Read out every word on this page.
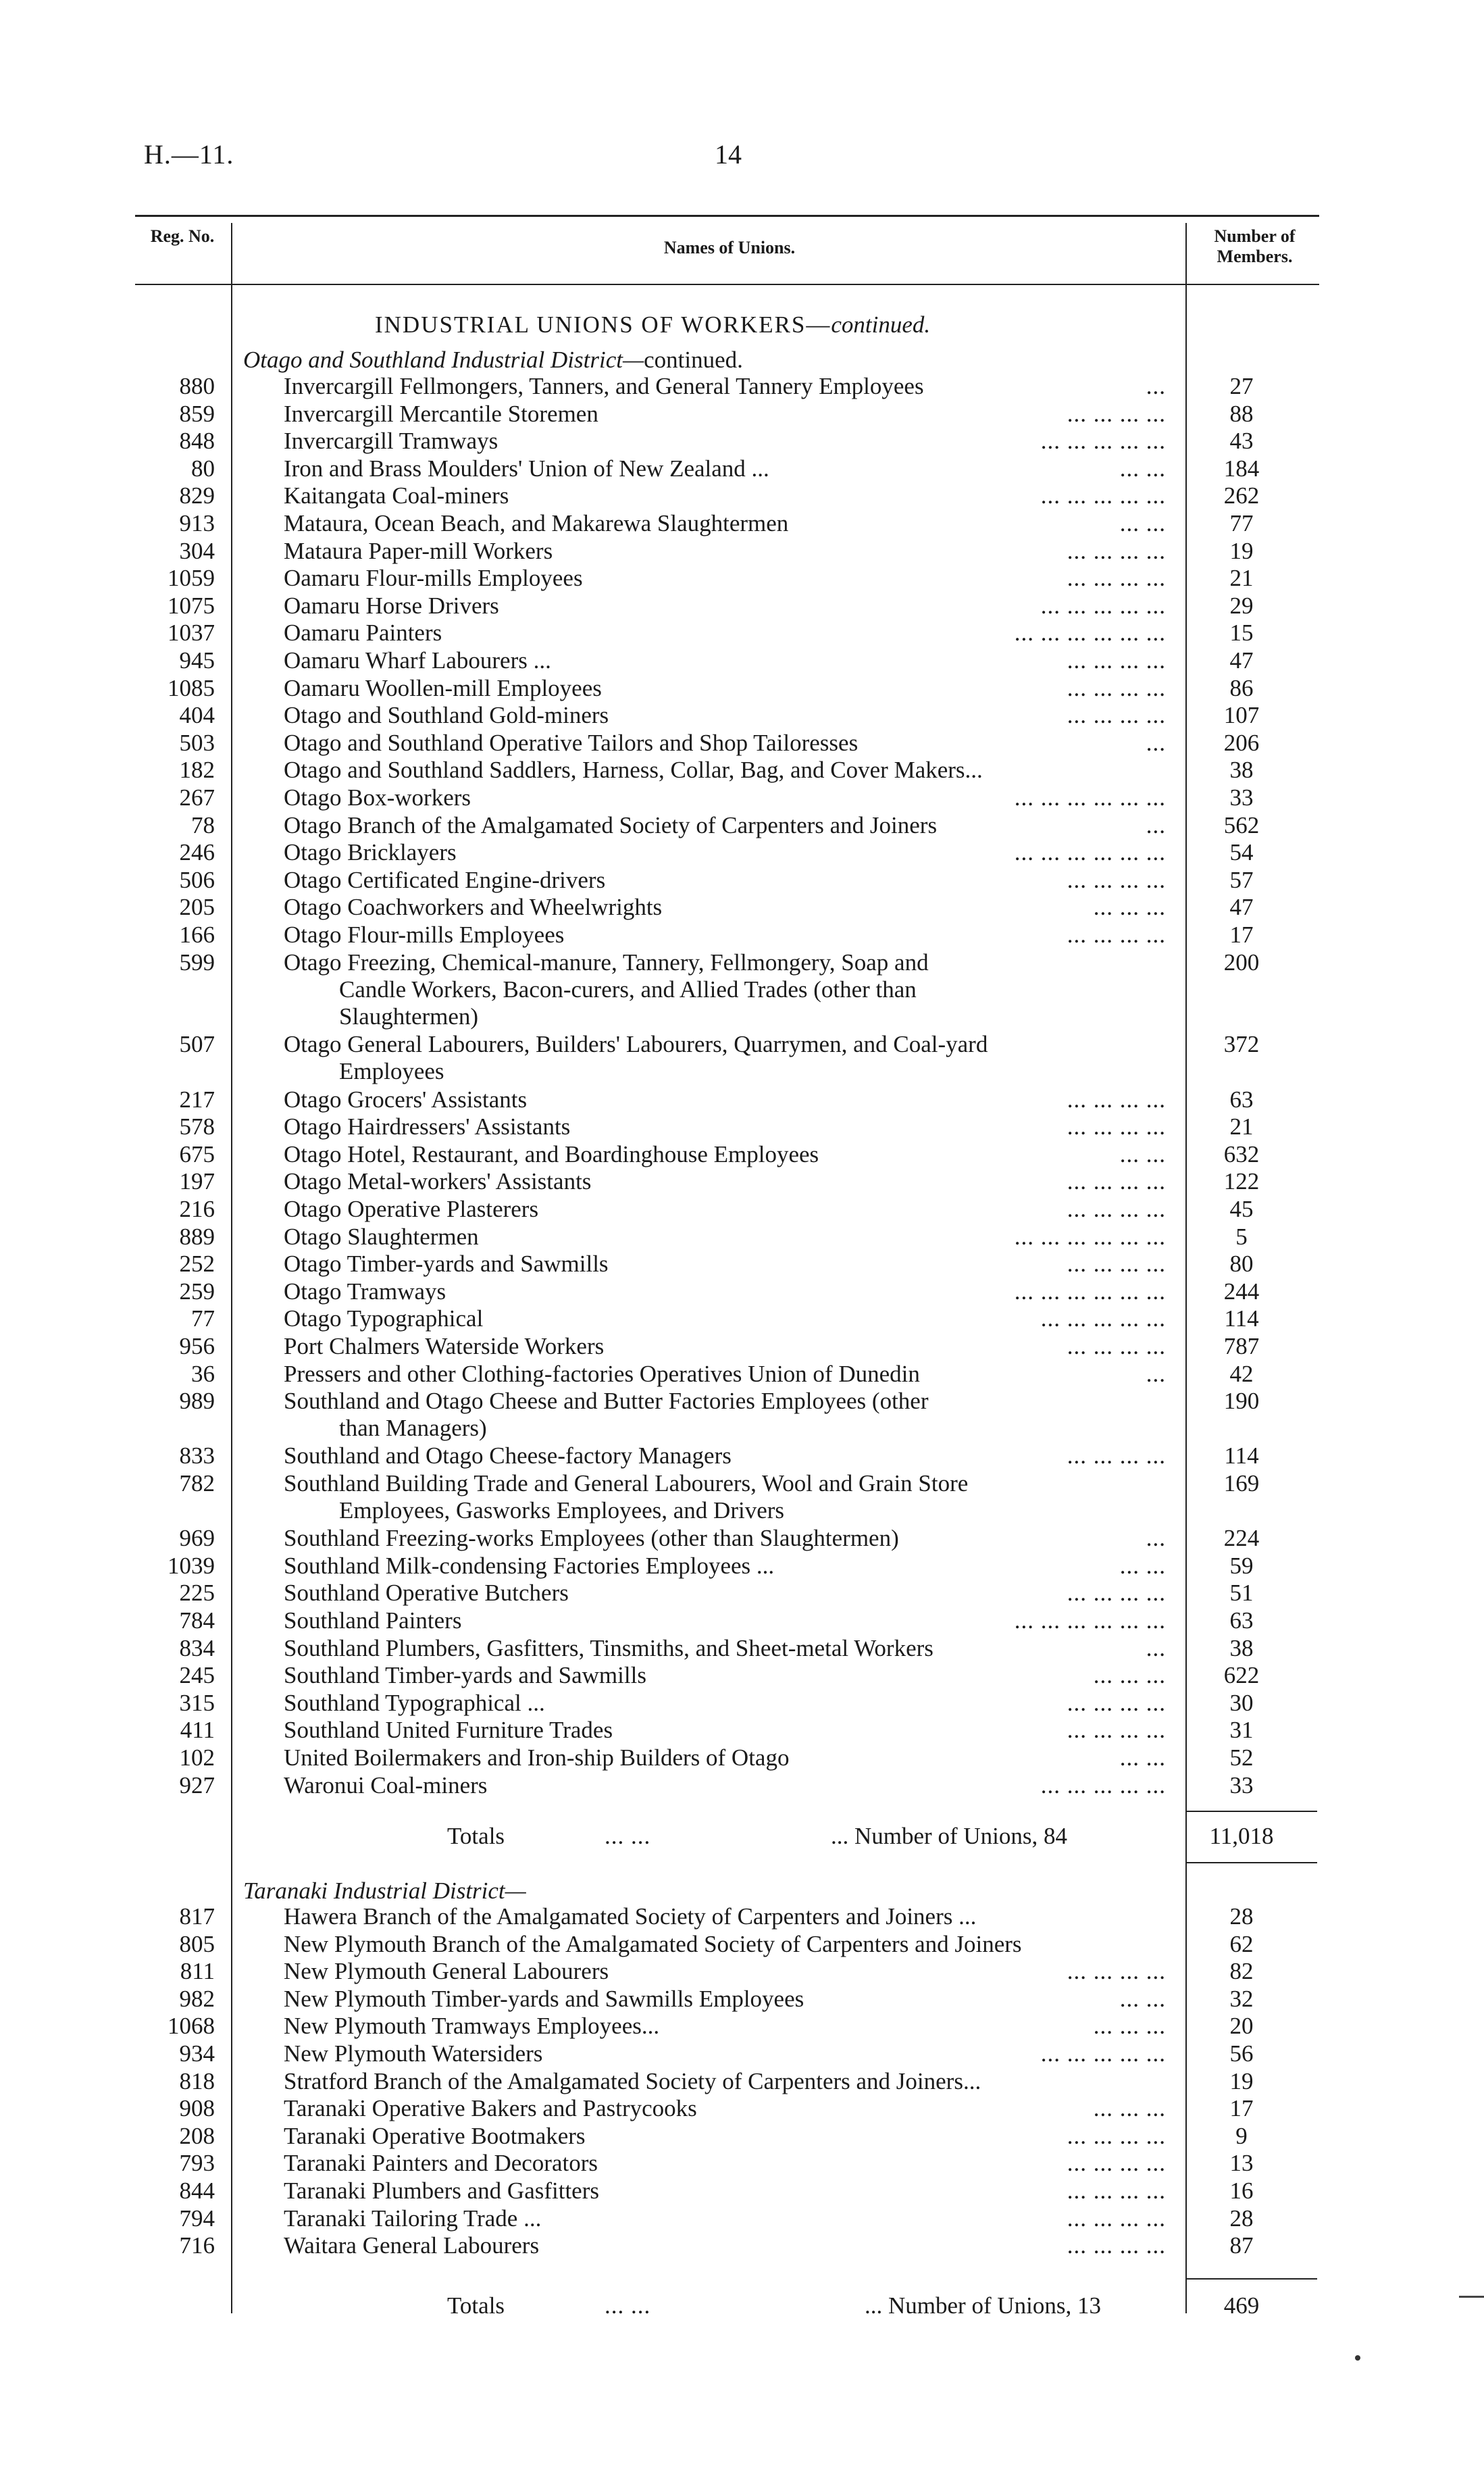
H.—11.	14
Reg. No.
Names of Unions.
Number of Members.
INDUSTRIAL UNIONS OF WORKERS—continued.
Otago and Southland Industrial District—continued.
880	Invercargill Fellmongers, Tanners, and General Tannery Employees	...	27
859	Invercargill Mercantile Storemen	... ... ... ...	88
848	Invercargill Tramways	... ... ... ... ...	43
80	Iron and Brass Moulders' Union of New Zealand ...	... ...	184
829	Kaitangata Coal-miners	... ... ... ... ...	262
913	Mataura, Ocean Beach, and Makarewa Slaughtermen	... ...	77
304	Mataura Paper-mill Workers	... ... ... ...	19
1059	Oamaru Flour-mills Employees	... ... ... ...	21
1075	Oamaru Horse Drivers	... ... ... ... ...	29
1037	Oamaru Painters	... ... ... ... ... ...	15
945	Oamaru Wharf Labourers ...	... ... ... ...	47
1085	Oamaru Woollen-mill Employees	... ... ... ...	86
404	Otago and Southland Gold-miners	... ... ... ...	107
503	Otago and Southland Operative Tailors and Shop Tailoresses	...	206
182	Otago and Southland Saddlers, Harness, Collar, Bag, and Cover Makers...	38
267	Otago Box-workers	... ... ... ... ... ...	33
78	Otago Branch of the Amalgamated Society of Carpenters and Joiners	...	562
246	Otago Bricklayers	... ... ... ... ... ...	54
506	Otago Certificated Engine-drivers	... ... ... ...	57
205	Otago Coachworkers and Wheelwrights	... ... ...	47
166	Otago Flour-mills Employees	... ... ... ...	17
599	Otago Freezing, Chemical-manure, Tannery, Fellmongery, Soap and
Candle Workers, Bacon-curers, and Allied Trades (other than
Slaughtermen)
200
507	Otago General Labourers, Builders' Labourers, Quarrymen, and Coal-yard
Employees
372
217	Otago Grocers' Assistants	... ... ... ...	63
578	Otago Hairdressers' Assistants	... ... ... ...	21
675	Otago Hotel, Restaurant, and Boardinghouse Employees	... ...	632
197	Otago Metal-workers' Assistants	... ... ... ...	122
216	Otago Operative Plasterers	... ... ... ...	45
889	Otago Slaughtermen	... ... ... ... ... ...	5
252	Otago Timber-yards and Sawmills	... ... ... ...	80
259	Otago Tramways	... ... ... ... ... ...	244
77	Otago Typographical	... ... ... ... ...	114
956	Port Chalmers Waterside Workers	... ... ... ...	787
36	Pressers and other Clothing-factories Operatives Union of Dunedin	...	42
989	Southland and Otago Cheese and Butter Factories Employees (other
than Managers)
190
833	Southland and Otago Cheese-factory Managers	... ... ... ...	114
782	Southland Building Trade and General Labourers, Wool and Grain Store
Employees, Gasworks Employees, and Drivers
169
969	Southland Freezing-works Employees (other than Slaughtermen)	...	224
1039	Southland Milk-condensing Factories Employees ...	... ...	59
225	Southland Operative Butchers	... ... ... ...	51
784	Southland Painters	... ... ... ... ... ...	63
834	Southland Plumbers, Gasfitters, Tinsmiths, and Sheet-metal Workers	...	38
245	Southland Timber-yards and Sawmills	... ... ...	622
315	Southland Typographical ...	... ... ... ...	30
411	Southland United Furniture Trades	... ... ... ...	31
102	United Boilermakers and Iron-ship Builders of Otago	... ...	52
927	Waronui Coal-miners	... ... ... ... ...	33
Totals	... ...	... Number of Unions, 84	11,018
Taranaki Industrial District—
817	Hawera Branch of the Amalgamated Society of Carpenters and Joiners ...	28
805	New Plymouth Branch of the Amalgamated Society of Carpenters and Joiners	62
811	New Plymouth General Labourers	... ... ... ...	82
982	New Plymouth Timber-yards and Sawmills Employees	... ...	32
1068	New Plymouth Tramways Employees...	... ... ...	20
934	New Plymouth Watersiders	... ... ... ... ...	56
818	Stratford Branch of the Amalgamated Society of Carpenters and Joiners...	19
908	Taranaki Operative Bakers and Pastrycooks	... ... ...	17
208	Taranaki Operative Bootmakers	... ... ... ...	9
793	Taranaki Painters and Decorators	... ... ... ...	13
844	Taranaki Plumbers and Gasfitters	... ... ... ...	16
794	Taranaki Tailoring Trade ...	... ... ... ...	28
716	Waitara General Labourers	... ... ... ...	87
Totals	... ...	... Number of Unions, 13	469
